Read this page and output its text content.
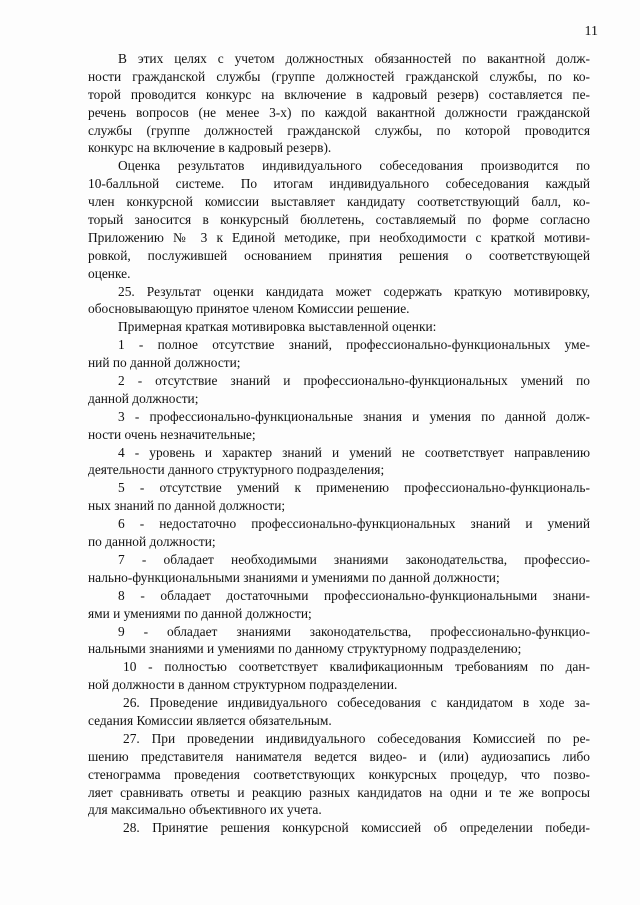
11
В этих целях с учетом должностных обязанностей по вакантной долж-
ности гражданской службы (группе должностей гражданской службы, по ко-
торой проводится конкурс на включение в кадровый резерв) составляется пе-
речень вопросов (не менее 3-х) по каждой вакантной должности гражданской
службы (группе должностей гражданской службы, по которой проводится
конкурс на включение в кадровый резерв).
Оценка результатов индивидуального собеседования производится по
10-балльной системе. По итогам индивидуального собеседования каждый
член конкурсной комиссии выставляет кандидату соответствующий балл, ко-
торый заносится в конкурсный бюллетень, составляемый по форме согласно
Приложению № 3 к Единой методике, при необходимости с краткой мотиви-
ровкой, послужившей основанием принятия решения о соответствующей
оценке.
25. Результат оценки кандидата может содержать краткую мотивировку,
обосновывающую принятое членом Комиссии решение.
Примерная краткая мотивировка выставленной оценки:
1 - полное отсутствие знаний, профессионально-функциональных уме-
ний по данной должности;
2 - отсутствие знаний и профессионально-функциональных умений по
данной должности;
3 - профессионально-функциональные знания и умения по данной долж-
ности очень незначительные;
4 - уровень и характер знаний и умений не соответствует направлению
деятельности данного структурного подразделения;
5 - отсутствие умений к применению профессионально-функциональ-
ных знаний по данной должности;
6 - недостаточно профессионально-функциональных знаний и умений
по данной должности;
7 - обладает необходимыми знаниями законодательства, профессио-
нально-функциональными знаниями и умениями по данной должности;
8 - обладает достаточными профессионально-функциональными знани-
ями и умениями по данной должности;
9 - обладает знаниями законодательства, профессионально-функцио-
нальными знаниями и умениями по данному структурному подразделению;
10 - полностью соответствует квалификационным требованиям по дан-
ной должности в данном структурном подразделении.
26. Проведение индивидуального собеседования с кандидатом в ходе за-
седания Комиссии является обязательным.
27. При проведении индивидуального собеседования Комиссией по ре-
шению представителя нанимателя ведется видео- и (или) аудиозапись либо
стенограмма проведения соответствующих конкурсных процедур, что позво-
ляет сравнивать ответы и реакцию разных кандидатов на одни и те же вопросы
для максимально объективного их учета.
28. Принятие решения конкурсной комиссией об определении победи-
